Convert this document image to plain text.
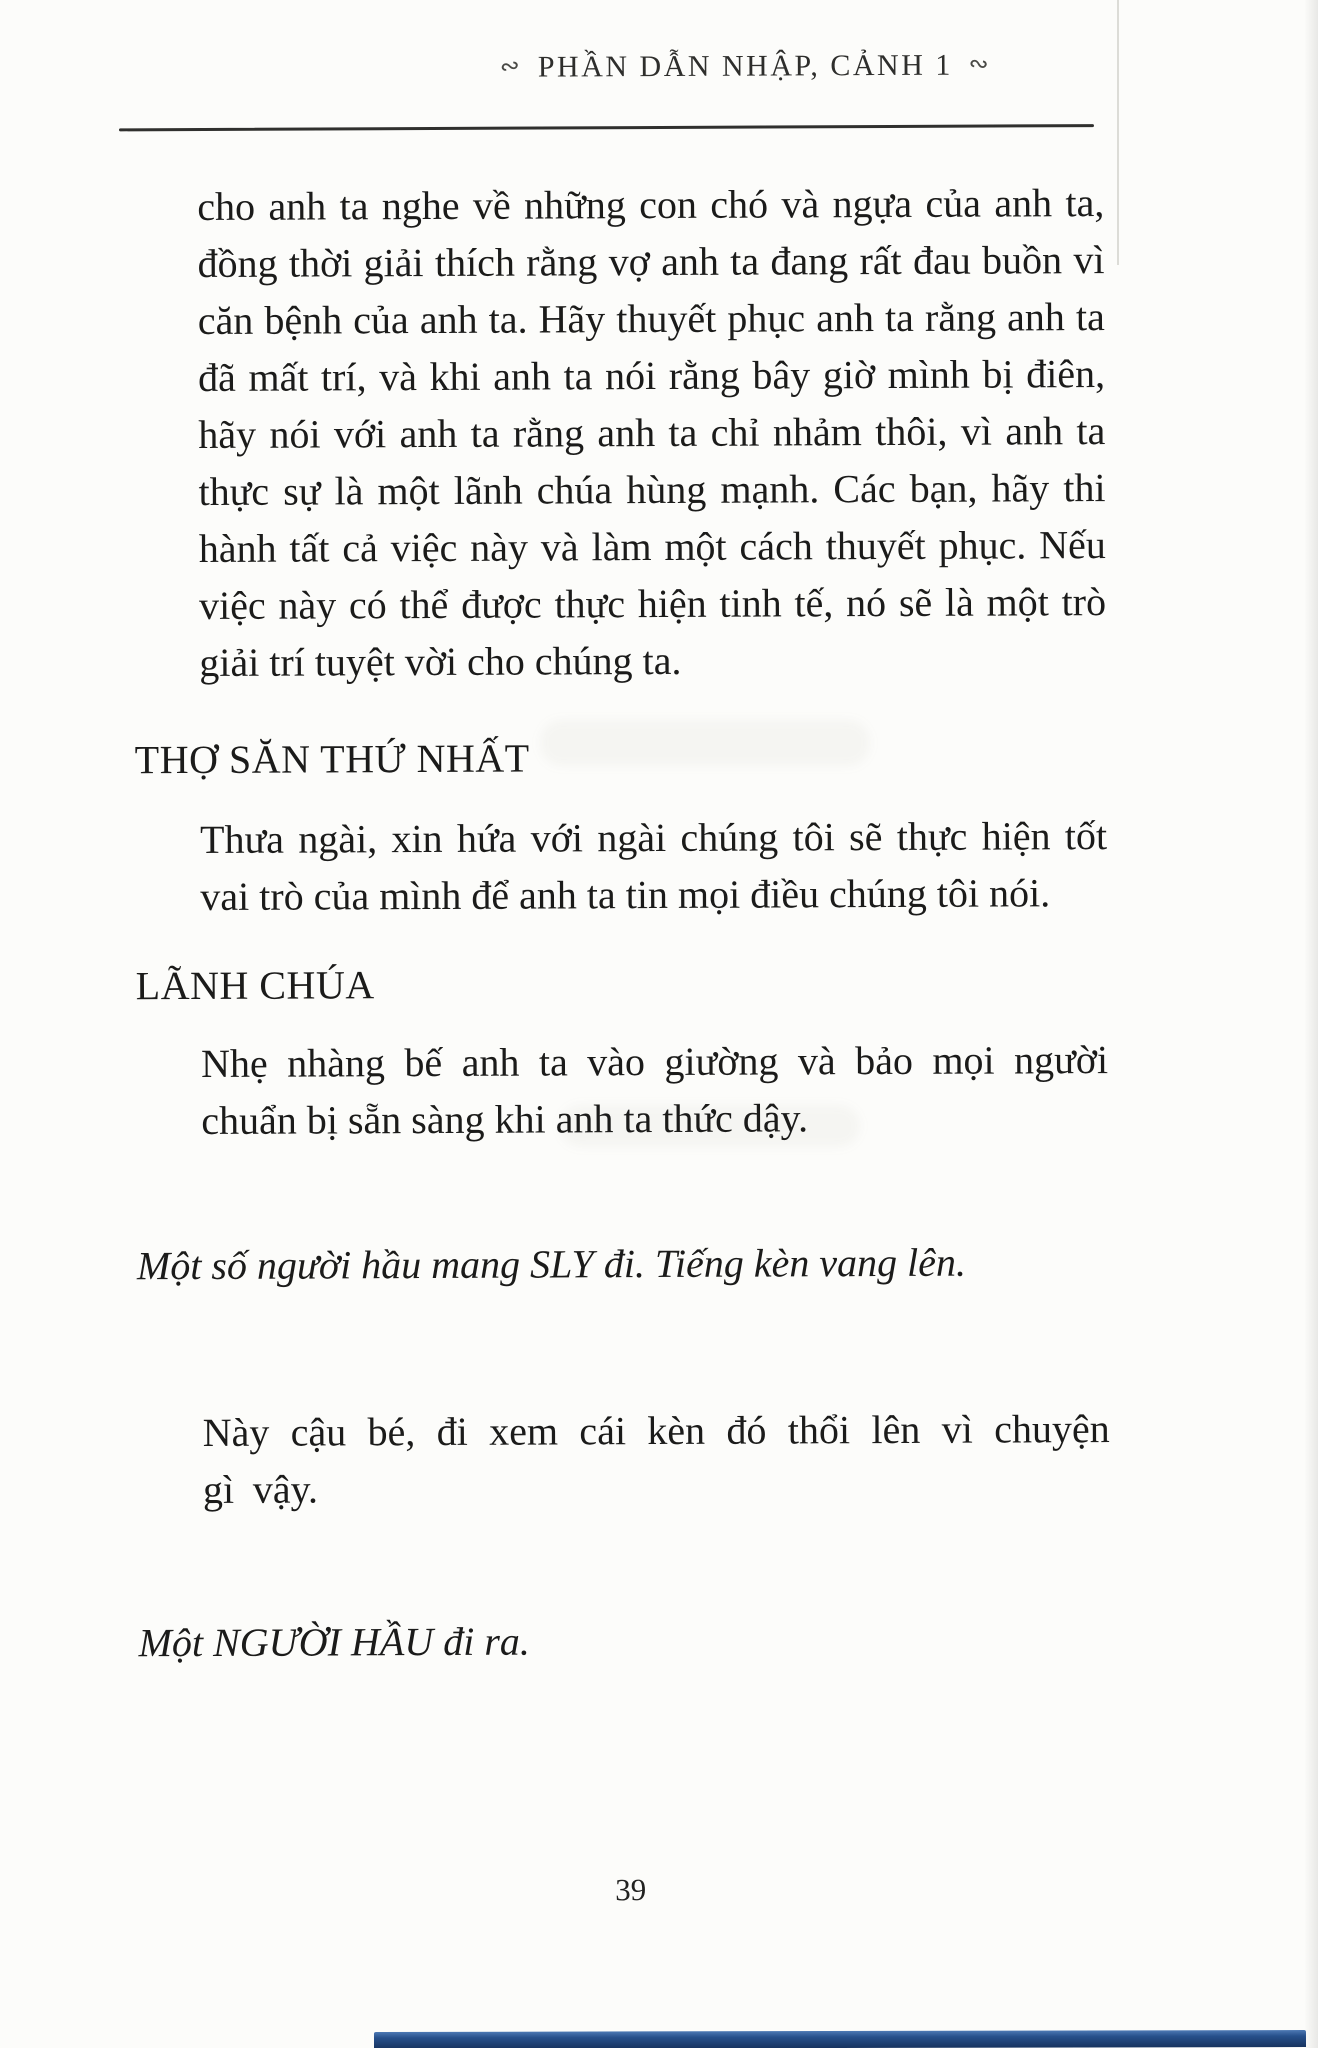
∾ PHẦN DẪN NHẬP, CẢNH 1 ∾

cho anh ta nghe về những con chó và ngựa của anh ta, đồng thời giải thích rằng vợ anh ta đang rất đau buồn vì căn bệnh của anh ta. Hãy thuyết phục anh ta rằng anh ta đã mất trí, và khi anh ta nói rằng bây giờ mình bị điên, hãy nói với anh ta rằng anh ta chỉ nhảm thôi, vì anh ta thực sự là một lãnh chúa hùng mạnh. Các bạn, hãy thi hành tất cả việc này và làm một cách thuyết phục. Nếu việc này có thể được thực hiện tinh tế, nó sẽ là một trò giải trí tuyệt vời cho chúng ta.

THỢ SĂN THỨ NHẤT

Thưa ngài, xin hứa với ngài chúng tôi sẽ thực hiện tốt vai trò của mình để anh ta tin mọi điều chúng tôi nói.

LÃNH CHÚA

Nhẹ nhàng bế anh ta vào giường và bảo mọi người chuẩn bị sẵn sàng khi anh ta thức dậy.

Một số người hầu mang SLY đi. Tiếng kèn vang lên.

Này cậu bé, đi xem cái kèn đó thổi lên vì chuyện gì vậy.

Một NGƯỜI HẦU đi ra.

39
